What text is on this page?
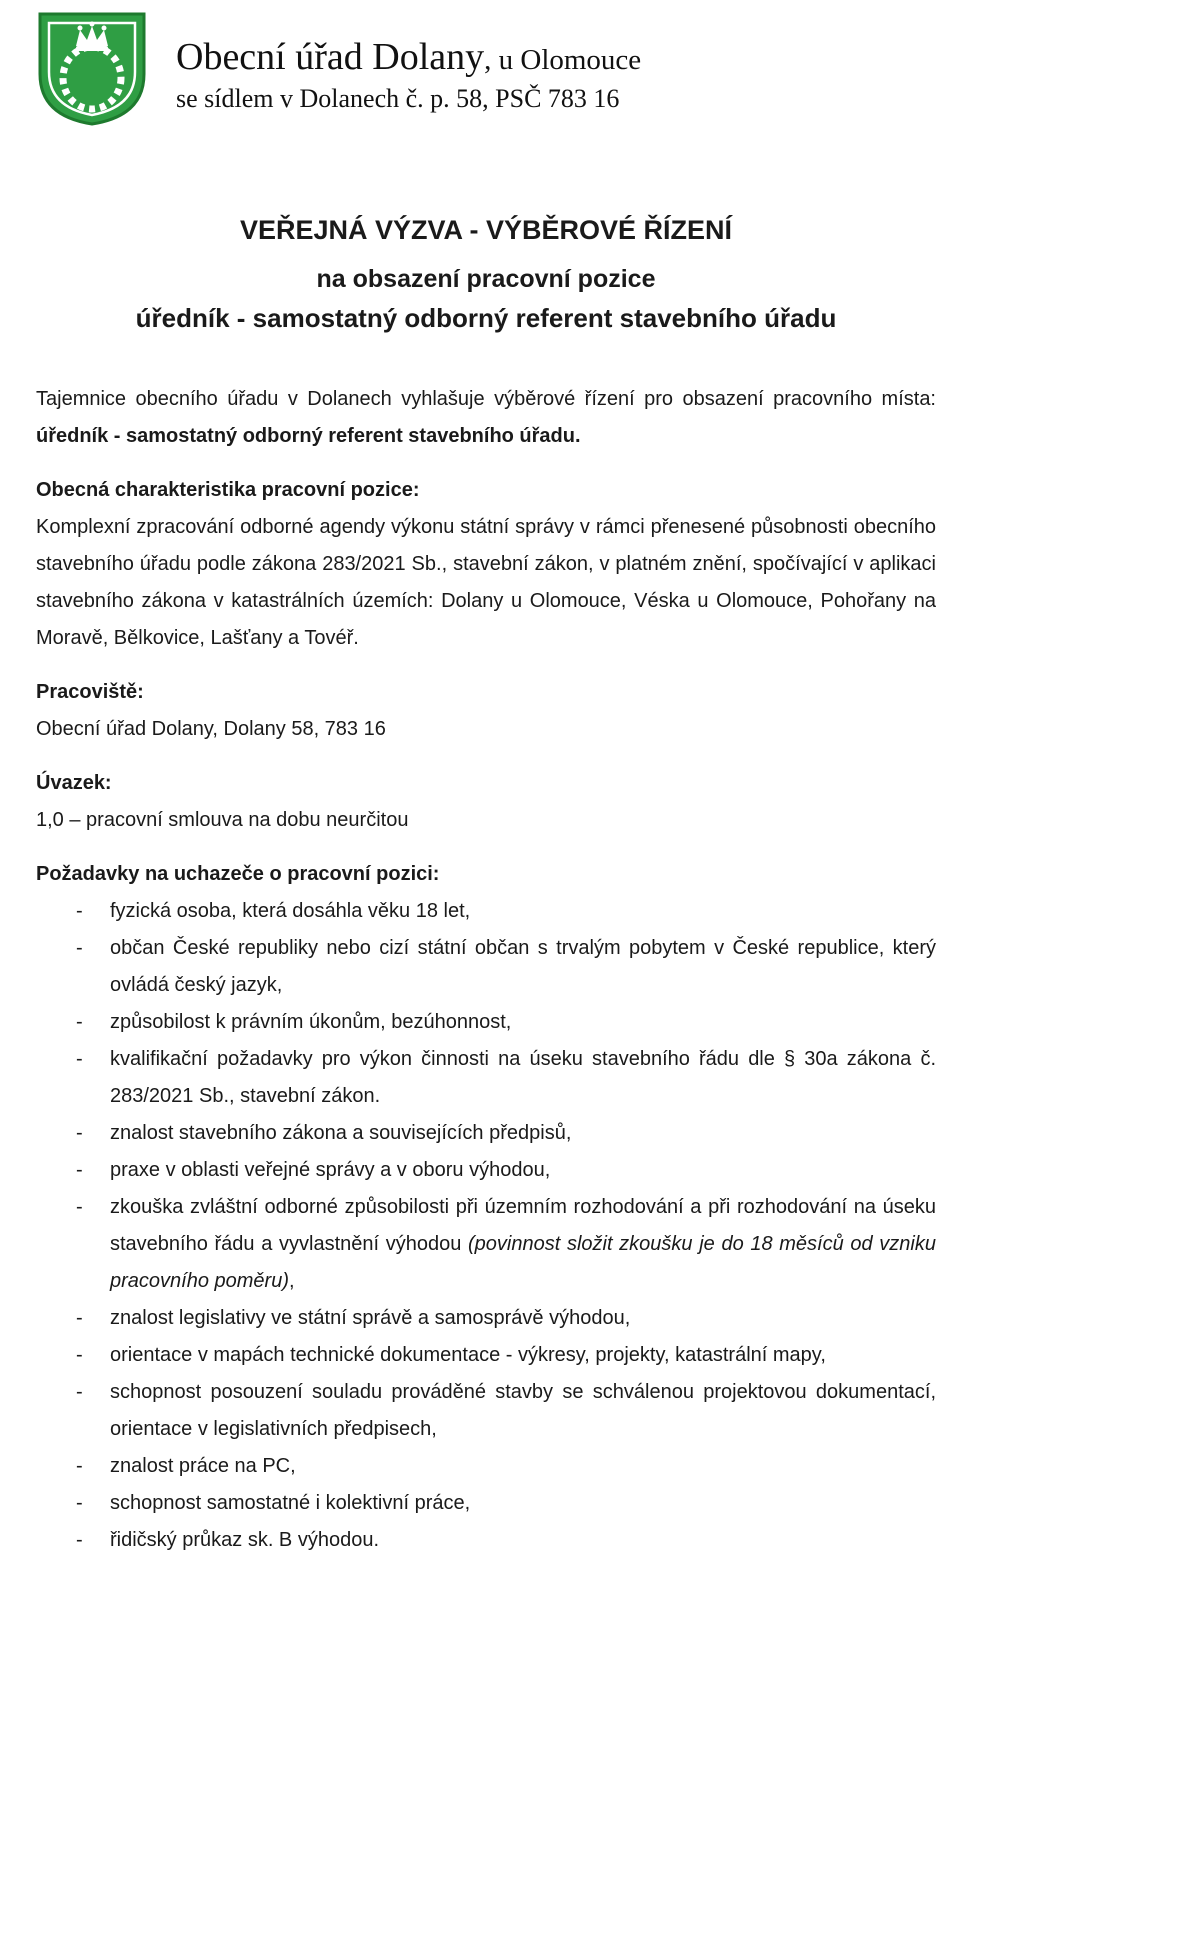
Obecní úřad Dolany, u Olomouce
se sídlem v Dolanech č. p. 58, PSČ 783 16
VEŘEJNÁ VÝZVA - VÝBĚROVÉ ŘÍZENÍ
na obsazení pracovní pozice
úředník - samostatný odborný referent stavebního úřadu

Tajemnice obecního úřadu v Dolanech vyhlašuje výběrové řízení pro obsazení pracovního místa: úředník - samostatný odborný referent stavebního úřadu.

Obecná charakteristika pracovní pozice:

Komplexní zpracování odborné agendy výkonu státní správy v rámci přenesené působnosti obecního stavebního úřadu podle zákona 283/2021 Sb., stavební zákon, v platném znění, spočívající v aplikaci stavebního zákona v katastrálních územích: Dolany u Olomouce, Véska u Olomouce, Pohořany na Moravě, Bělkovice, Lašťany a Tovéř.

Pracoviště:

Obecní úřad Dolany, Dolany 58, 783 16

Úvazek:

1,0 – pracovní smlouva na dobu neurčitou

Požadavky na uchazeče o pracovní pozici:
-	fyzická osoba, která dosáhla věku 18 let,
-	občan České republiky nebo cizí státní občan s trvalým pobytem v České republice, který ovládá český jazyk,
-	způsobilost k právním úkonům, bezúhonnost,
-	kvalifikační požadavky pro výkon činnosti na úseku stavebního řádu dle § 30a zákona č. 283/2021 Sb., stavební zákon.
-	znalost stavebního zákona a souvisejících předpisů,
-	praxe v oblasti veřejné správy a v oboru výhodou,
-	zkouška zvláštní odborné způsobilosti při územním rozhodování a při rozhodování na úseku stavebního řádu a vyvlastnění výhodou (povinnost složit zkoušku je do 18 měsíců od vzniku pracovního poměru),
-	znalost legislativy ve státní správě a samosprávě výhodou,
-	orientace v mapách technické dokumentace - výkresy, projekty, katastrální mapy,
-	schopnost posouzení souladu prováděné stavby se schválenou projektovou dokumentací, orientace v legislativních předpisech,
-	znalost práce na PC,
-	schopnost samostatné i kolektivní práce,
-	řidičský průkaz sk. B výhodou.
